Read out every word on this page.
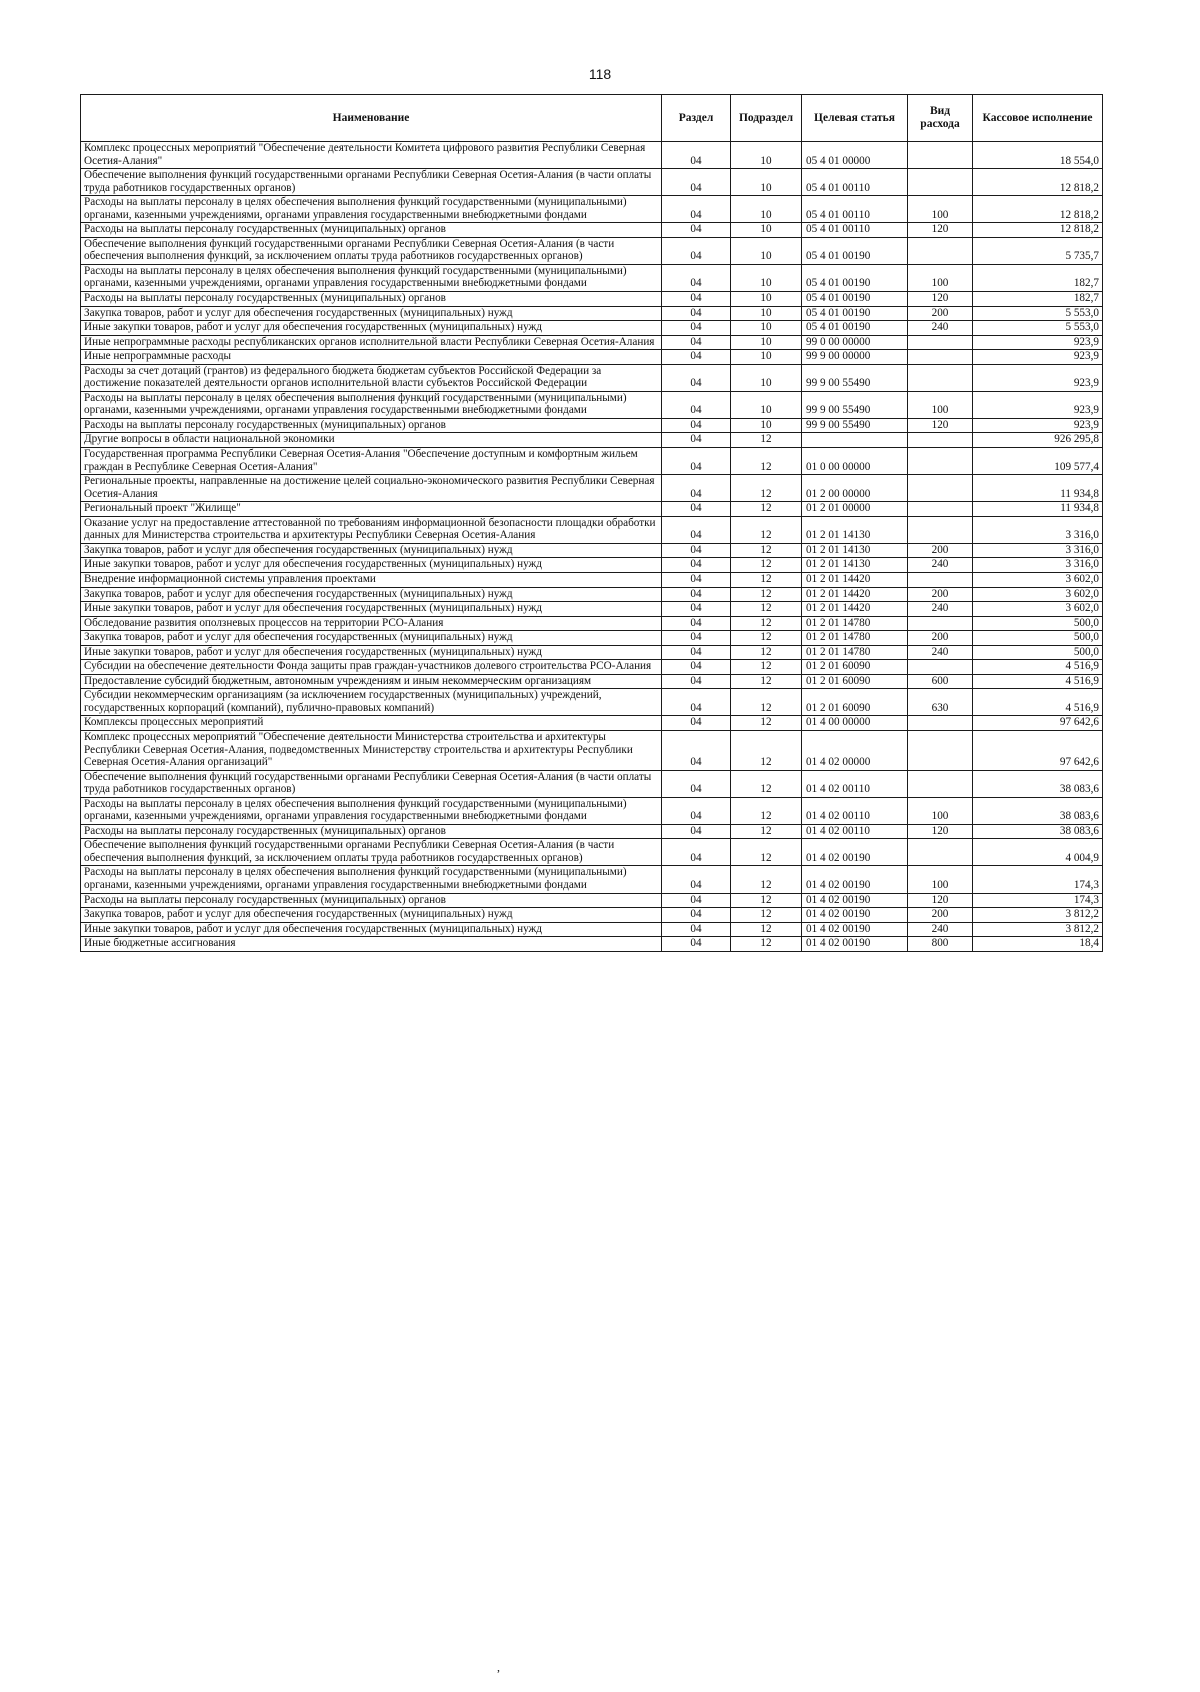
118
Наименование	Раздел	Подраздел	Целевая статья	Вид расхода	Кассовое исполнение
Комплекс процессных мероприятий "Обеспечение деятельности Комитета цифрового развития Республики Северная Осетия-Алания"	04	10	05 4 01 00000		18 554,0
Обеспечение выполнения функций государственными органами Республики Северная Осетия-Алания (в части оплаты труда работников государственных органов)	04	10	05 4 01 00110		12 818,2
Расходы на выплаты персоналу в целях обеспечения выполнения функций государственными (муниципальными) органами, казенными учреждениями, органами управления государственными внебюджетными фондами	04	10	05 4 01 00110	100	12 818,2
Расходы на выплаты персоналу государственных (муниципальных) органов	04	10	05 4 01 00110	120	12 818,2
Обеспечение выполнения функций государственными органами Республики Северная Осетия-Алания (в части обеспечения выполнения функций, за исключением оплаты труда работников государственных органов)	04	10	05 4 01 00190		5 735,7
Расходы на выплаты персоналу в целях обеспечения выполнения функций государственными (муниципальными) органами, казенными учреждениями, органами управления государственными внебюджетными фондами	04	10	05 4 01 00190	100	182,7
Расходы на выплаты персоналу государственных (муниципальных) органов	04	10	05 4 01 00190	120	182,7
Закупка товаров, работ и услуг для обеспечения государственных (муниципальных) нужд	04	10	05 4 01 00190	200	5 553,0
Иные закупки товаров, работ и услуг для обеспечения государственных (муниципальных) нужд	04	10	05 4 01 00190	240	5 553,0
Иные непрограммные расходы республиканских органов исполнительной власти Республики Северная Осетия-Алания	04	10	99 0 00 00000		923,9
Иные непрограммные расходы	04	10	99 9 00 00000		923,9
Расходы за счет дотаций (грантов) из федерального бюджета бюджетам субъектов Российской Федерации за достижение показателей деятельности органов исполнительной власти субъектов Российской Федерации	04	10	99 9 00 55490		923,9
Расходы на выплаты персоналу в целях обеспечения выполнения функций государственными (муниципальными) органами, казенными учреждениями, органами управления государственными внебюджетными фондами	04	10	99 9 00 55490	100	923,9
Расходы на выплаты персоналу государственных (муниципальных) органов	04	10	99 9 00 55490	120	923,9
Другие вопросы в области национальной экономики	04	12			926 295,8
Государственная программа Республики Северная Осетия-Алания "Обеспечение доступным и комфортным жильем граждан в Республике Северная Осетия-Алания"	04	12	01 0 00 00000		109 577,4
Региональные проекты, направленные на достижение целей социально-экономического развития Республики Северная Осетия-Алания	04	12	01 2 00 00000		11 934,8
Региональный проект "Жилище"	04	12	01 2 01 00000		11 934,8
Оказание услуг на предоставление аттестованной по требованиям информационной безопасности площадки обработки данных для Министерства строительства и архитектуры Республики Северная Осетия-Алания	04	12	01 2 01 14130		3 316,0
Закупка товаров, работ и услуг для обеспечения государственных (муниципальных) нужд	04	12	01 2 01 14130	200	3 316,0
Иные закупки товаров, работ и услуг для обеспечения государственных (муниципальных) нужд	04	12	01 2 01 14130	240	3 316,0
Внедрение информационной системы управления проектами	04	12	01 2 01 14420		3 602,0
Закупка товаров, работ и услуг для обеспечения государственных (муниципальных) нужд	04	12	01 2 01 14420	200	3 602,0
Иные закупки товаров, работ и услуг для обеспечения государственных (муниципальных) нужд	04	12	01 2 01 14420	240	3 602,0
Обследование развития оползневых процессов на территории РСО-Алания	04	12	01 2 01 14780		500,0
Закупка товаров, работ и услуг для обеспечения государственных (муниципальных) нужд	04	12	01 2 01 14780	200	500,0
Иные закупки товаров, работ и услуг для обеспечения государственных (муниципальных) нужд	04	12	01 2 01 14780	240	500,0
Субсидии на обеспечение деятельности Фонда защиты прав граждан-участников долевого строительства РСО-Алания	04	12	01 2 01 60090		4 516,9
Предоставление субсидий бюджетным, автономным учреждениям и иным некоммерческим организациям	04	12	01 2 01 60090	600	4 516,9
Субсидии некоммерческим организациям (за исключением государственных (муниципальных) учреждений, государственных корпораций (компаний), публично-правовых компаний)	04	12	01 2 01 60090	630	4 516,9
Комплексы процессных мероприятий	04	12	01 4 00 00000		97 642,6
Комплекс процессных мероприятий "Обеспечение деятельности Министерства строительства и архитектуры Республики Северная Осетия-Алания, подведомственных Министерству строительства и архитектуры Республики Северная Осетия-Алания организаций"	04	12	01 4 02 00000		97 642,6
Обеспечение выполнения функций государственными органами Республики Северная Осетия-Алания (в части оплаты труда работников государственных органов)	04	12	01 4 02 00110		38 083,6
Расходы на выплаты персоналу в целях обеспечения выполнения функций государственными (муниципальными) органами, казенными учреждениями, органами управления государственными внебюджетными фондами	04	12	01 4 02 00110	100	38 083,6
Расходы на выплаты персоналу государственных (муниципальных) органов	04	12	01 4 02 00110	120	38 083,6
Обеспечение выполнения функций государственными органами Республики Северная Осетия-Алания (в части обеспечения выполнения функций, за исключением оплаты труда работников государственных органов)	04	12	01 4 02 00190		4 004,9
Расходы на выплаты персоналу в целях обеспечения выполнения функций государственными (муниципальными) органами, казенными учреждениями, органами управления государственными внебюджетными фондами	04	12	01 4 02 00190	100	174,3
Расходы на выплаты персоналу государственных (муниципальных) органов	04	12	01 4 02 00190	120	174,3
Закупка товаров, работ и услуг для обеспечения государственных (муниципальных) нужд	04	12	01 4 02 00190	200	3 812,2
Иные закупки товаров, работ и услуг для обеспечения государственных (муниципальных) нужд	04	12	01 4 02 00190	240	3 812,2
Иные бюджетные ассигнования	04	12	01 4 02 00190	800	18,4
,
